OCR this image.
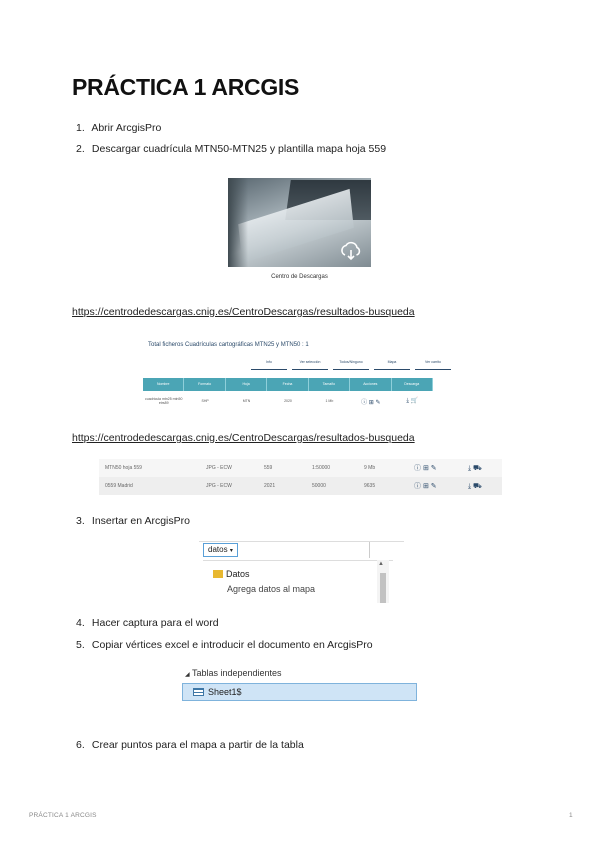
PRÁCTICA 1 ARCGIS
1. Abrir ArcgisPro
2. Descargar cuadrícula MTN50-MTN25 y plantilla mapa hoja 559
Centro de Descargas
https://centrodedescargas.cnig.es/CentroDescargas/resultados-busqueda
Total ficheros Cuadrículas cartográficas MTN25 y MTN50 : 1
Info	Ver selección	Todos/Ninguno	Mapa	Ver carrito
Nombre	Formato	Hoja	Fecha	Tamaño	Acciones	Descarga
cuadricula mtn25 mtn50 etrs89	SHP	MTN	2020	1 Mb	ⓘ ⊞ ✎	⤓ 🛒
https://centrodedescargas.cnig.es/CentroDescargas/resultados-busqueda
MTN50 hoja 559	JPG - ECW	559	1:50000	9 Mb	ⓘ ⊞ ✎	⤓ ⛟
0559 Madrid	JPG - ECW	2021	50000	9635	ⓘ ⊞ ✎	⤓ ⛟
3. Insertar en ArcgisPro
datos ▾
Datos
Agrega datos al mapa
▲
4. Hacer captura para el word
5. Copiar vértices excel e introducir el documento en ArcgisPro
◢ Tablas independientes
Sheet1$
6. Crear puntos para el mapa a partir de la tabla
PRÁCTICA 1 ARCGIS	1
